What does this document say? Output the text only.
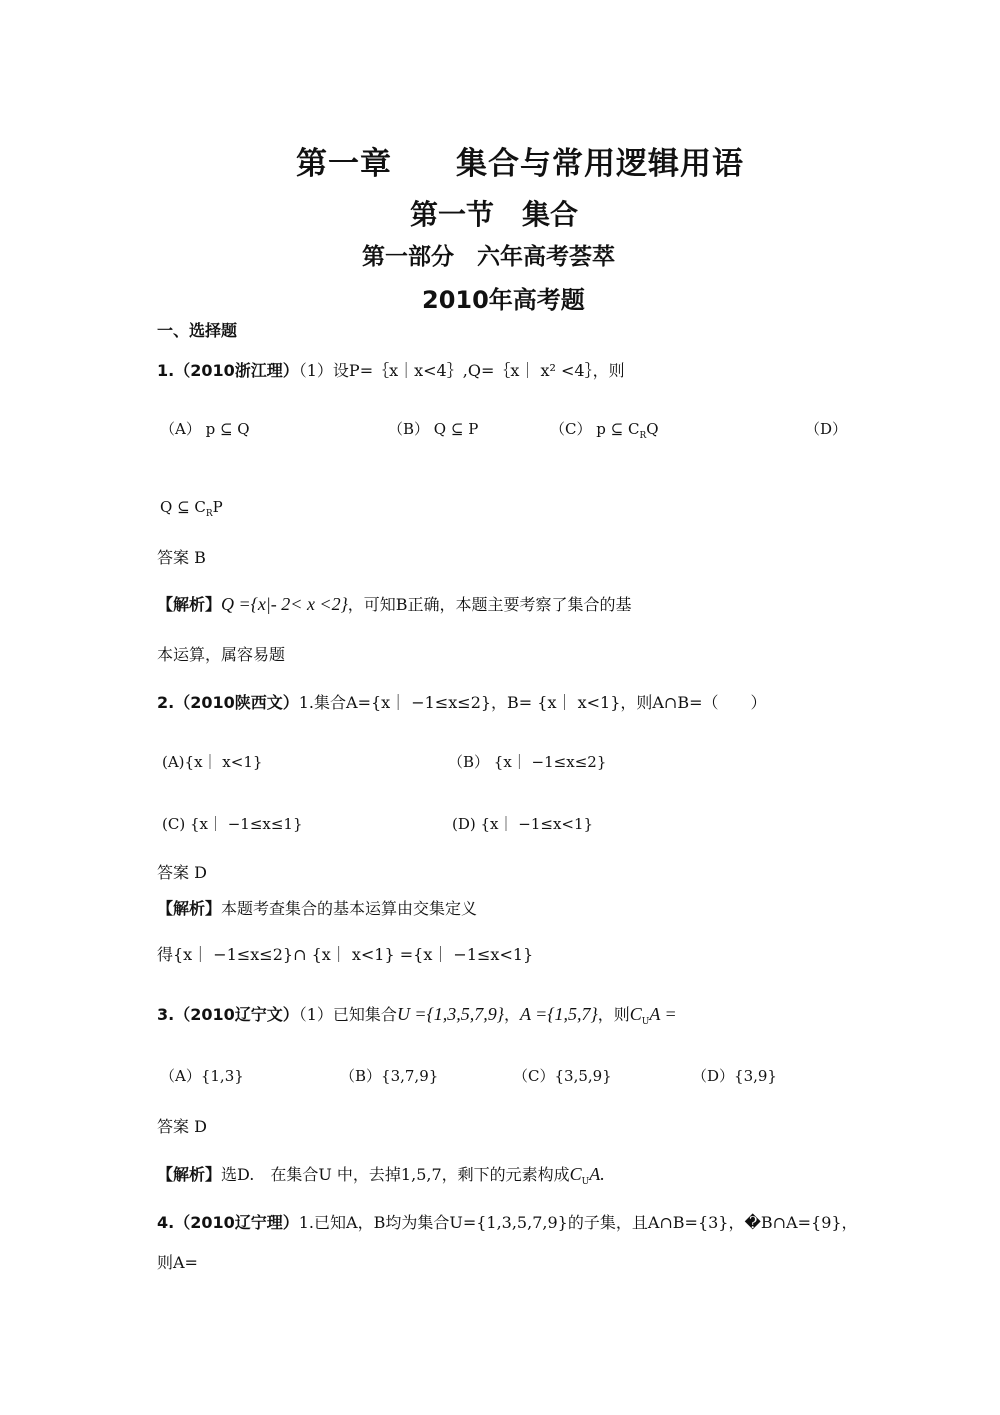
第一章　　集合与常用逻辑用语
第一节　集合
第一部分　六年高考荟萃
2010年高考题
一、选择题
1.（2010浙江理）（1）设P=｛x｜x<4｝,Q=｛x｜ x² <4｝，则
（A） p ⊆ Q	（B） Q ⊆ P	（C） p ⊆ $C_RQ$	（D）
Q ⊆ $C_RP$
答案 B
【解析】Q ={x|- 2< x <2}，可知B正确，本题主要考察了集合的基
本运算，属容易题
2.（2010陕西文）1.集合A={x｜ −1≤x≤2}，B= {x｜ x<1}，则A∩B=（　　）
(A){x｜ x<1}	（B） {x｜ −1≤x≤2}
(C) {x｜ −1≤x≤1}	(D) {x｜ −1≤x<1}
答案 D
【解析】本题考查集合的基本运算由交集定义
得{x｜ −1≤x≤2}∩ {x｜ x<1} ={x｜ −1≤x<1}
3.（2010辽宁文）（1）已知集合U ={1,3,5,7,9}，A ={1,5,7}，则$C_UA$ =
（A）{1,3}	（B）{3,7,9}	（C）{3,5,9}	（D）{3,9}
答案 D
【解析】选D.　在集合U 中，去掉1,5,7，剩下的元素构成$C_UA$.
4.（2010辽宁理）1.已知A，B均为集合U={1,3,5,7,9}的子集，且A∩B={3}，�B∩A={9}，
则A=
